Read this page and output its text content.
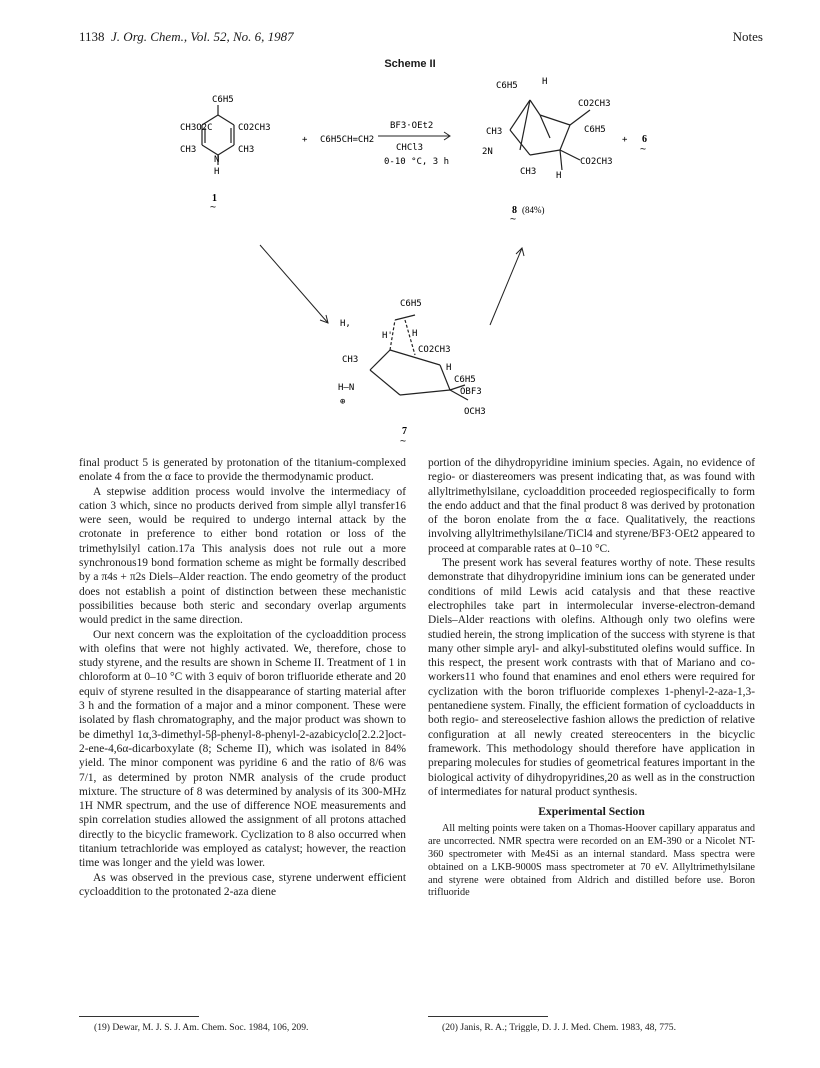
1138 J. Org. Chem., Vol. 52, No. 6, 1987	Notes
Scheme II
CH3O2C
C6H5
CO2CH3
CH3	CH3
N
H
1
~
+ C6H5CH=CH2
BF3·OEt2
CHCl3
0-10 °C, 3 h
C6H5	H
CH3
CO2CH3
CO2CH3
2N
C6H5
CH3 H
8 (84%)
~
+ 6
~
H,
C6H5
H
H'
CO2CH3
CH3
H
H–N
⊕
C6H5
OBF3
OCH3
7
~

final product 5 is generated by protonation of the titanium-complexed enolate 4 from the α face to provide the thermodynamic product.

A stepwise addition process would involve the intermediacy of cation 3 which, since no products derived from simple allyl transfer16 were seen, would be required to undergo internal attack by the crotonate in preference to either bond rotation or loss of the trimethylsilyl cation.17a This analysis does not rule out a more synchronous19 bond formation scheme as might be formally described by a π4s + π2s Diels–Alder reaction. The endo geometry of the product does not establish a point of distinction between these mechanistic possibilities because both steric and secondary overlap arguments would predict in the same direction.

Our next concern was the exploitation of the cycloaddition process with olefins that were not highly activated. We, therefore, chose to study styrene, and the results are shown in Scheme II. Treatment of 1 in chloroform at 0–10 °C with 3 equiv of boron trifluoride etherate and 20 equiv of styrene resulted in the disappearance of starting material after 3 h and the formation of a major and a minor component. These were isolated by flash chromatography, and the major product was shown to be dimethyl 1α,3-dimethyl-5β-phenyl-8-phenyl-2-azabicyclo[2.2.2]oct-2-ene-4,6α-dicarboxylate (8; Scheme II), which was isolated in 84% yield. The minor component was pyridine 6 and the ratio of 8/6 was 7/1, as determined by proton NMR analysis of the crude product mixture. The structure of 8 was determined by analysis of its 300-MHz 1H NMR spectrum, and the use of difference NOE measurements and spin correlation studies allowed the assignment of all protons attached directly to the bicyclic framework. Cyclization to 8 also occurred when titanium tetrachloride was employed as catalyst; however, the reaction time was longer and the yield was lower.

As was observed in the previous case, styrene underwent efficient cycloaddition to the protonated 2-aza diene

portion of the dihydropyridine iminium species. Again, no evidence of regio- or diastereomers was present indicating that, as was found with allyltrimethylsilane, cycloaddition proceeded regiospecifically to form the endo adduct and that the final product 8 was derived by protonation of the boron enolate from the α face. Qualitatively, the reactions involving allyltrimethylsilane/TiCl4 and styrene/BF3·OEt2 appeared to proceed at comparable rates at 0–10 °C.

The present work has several features worthy of note. These results demonstrate that dihydropyridine iminium ions can be generated under conditions of mild Lewis acid catalysis and that these reactive electrophiles take part in intermolecular inverse-electron-demand Diels–Alder reactions with olefins. Although only two olefins were studied herein, the strong implication of the success with styrene is that many other simple aryl- and alkyl-substituted olefins would suffice. In this respect, the present work contrasts with that of Mariano and co-workers11 who found that enamines and enol ethers were required for cyclization with the boron trifluoride complexes 1-phenyl-2-aza-1,3-pentanediene system. Finally, the efficient formation of cycloadducts in both regio- and stereoselective fashion allows the prediction of relative configuration at all newly created stereocenters in the bicyclic framework. This methodology should therefore have application in preparing molecules for studies of geometrical features important in the biological activity of dihydropyridines,20 as well as in the construction of intermediates for natural product synthesis.

Experimental Section

All melting points were taken on a Thomas-Hoover capillary apparatus and are uncorrected. NMR spectra were recorded on an EM-390 or a Nicolet NT-360 spectrometer with Me4Si as an internal standard. Mass spectra were obtained on a LKB-9000S mass spectrometer at 70 eV. Allyltrimethylsilane and styrene were obtained from Aldrich and distilled before use. Boron trifluoride

(19) Dewar, M. J. S. J. Am. Chem. Soc. 1984, 106, 209.	(20) Janis, R. A.; Triggle, D. J. J. Med. Chem. 1983, 48, 775.
